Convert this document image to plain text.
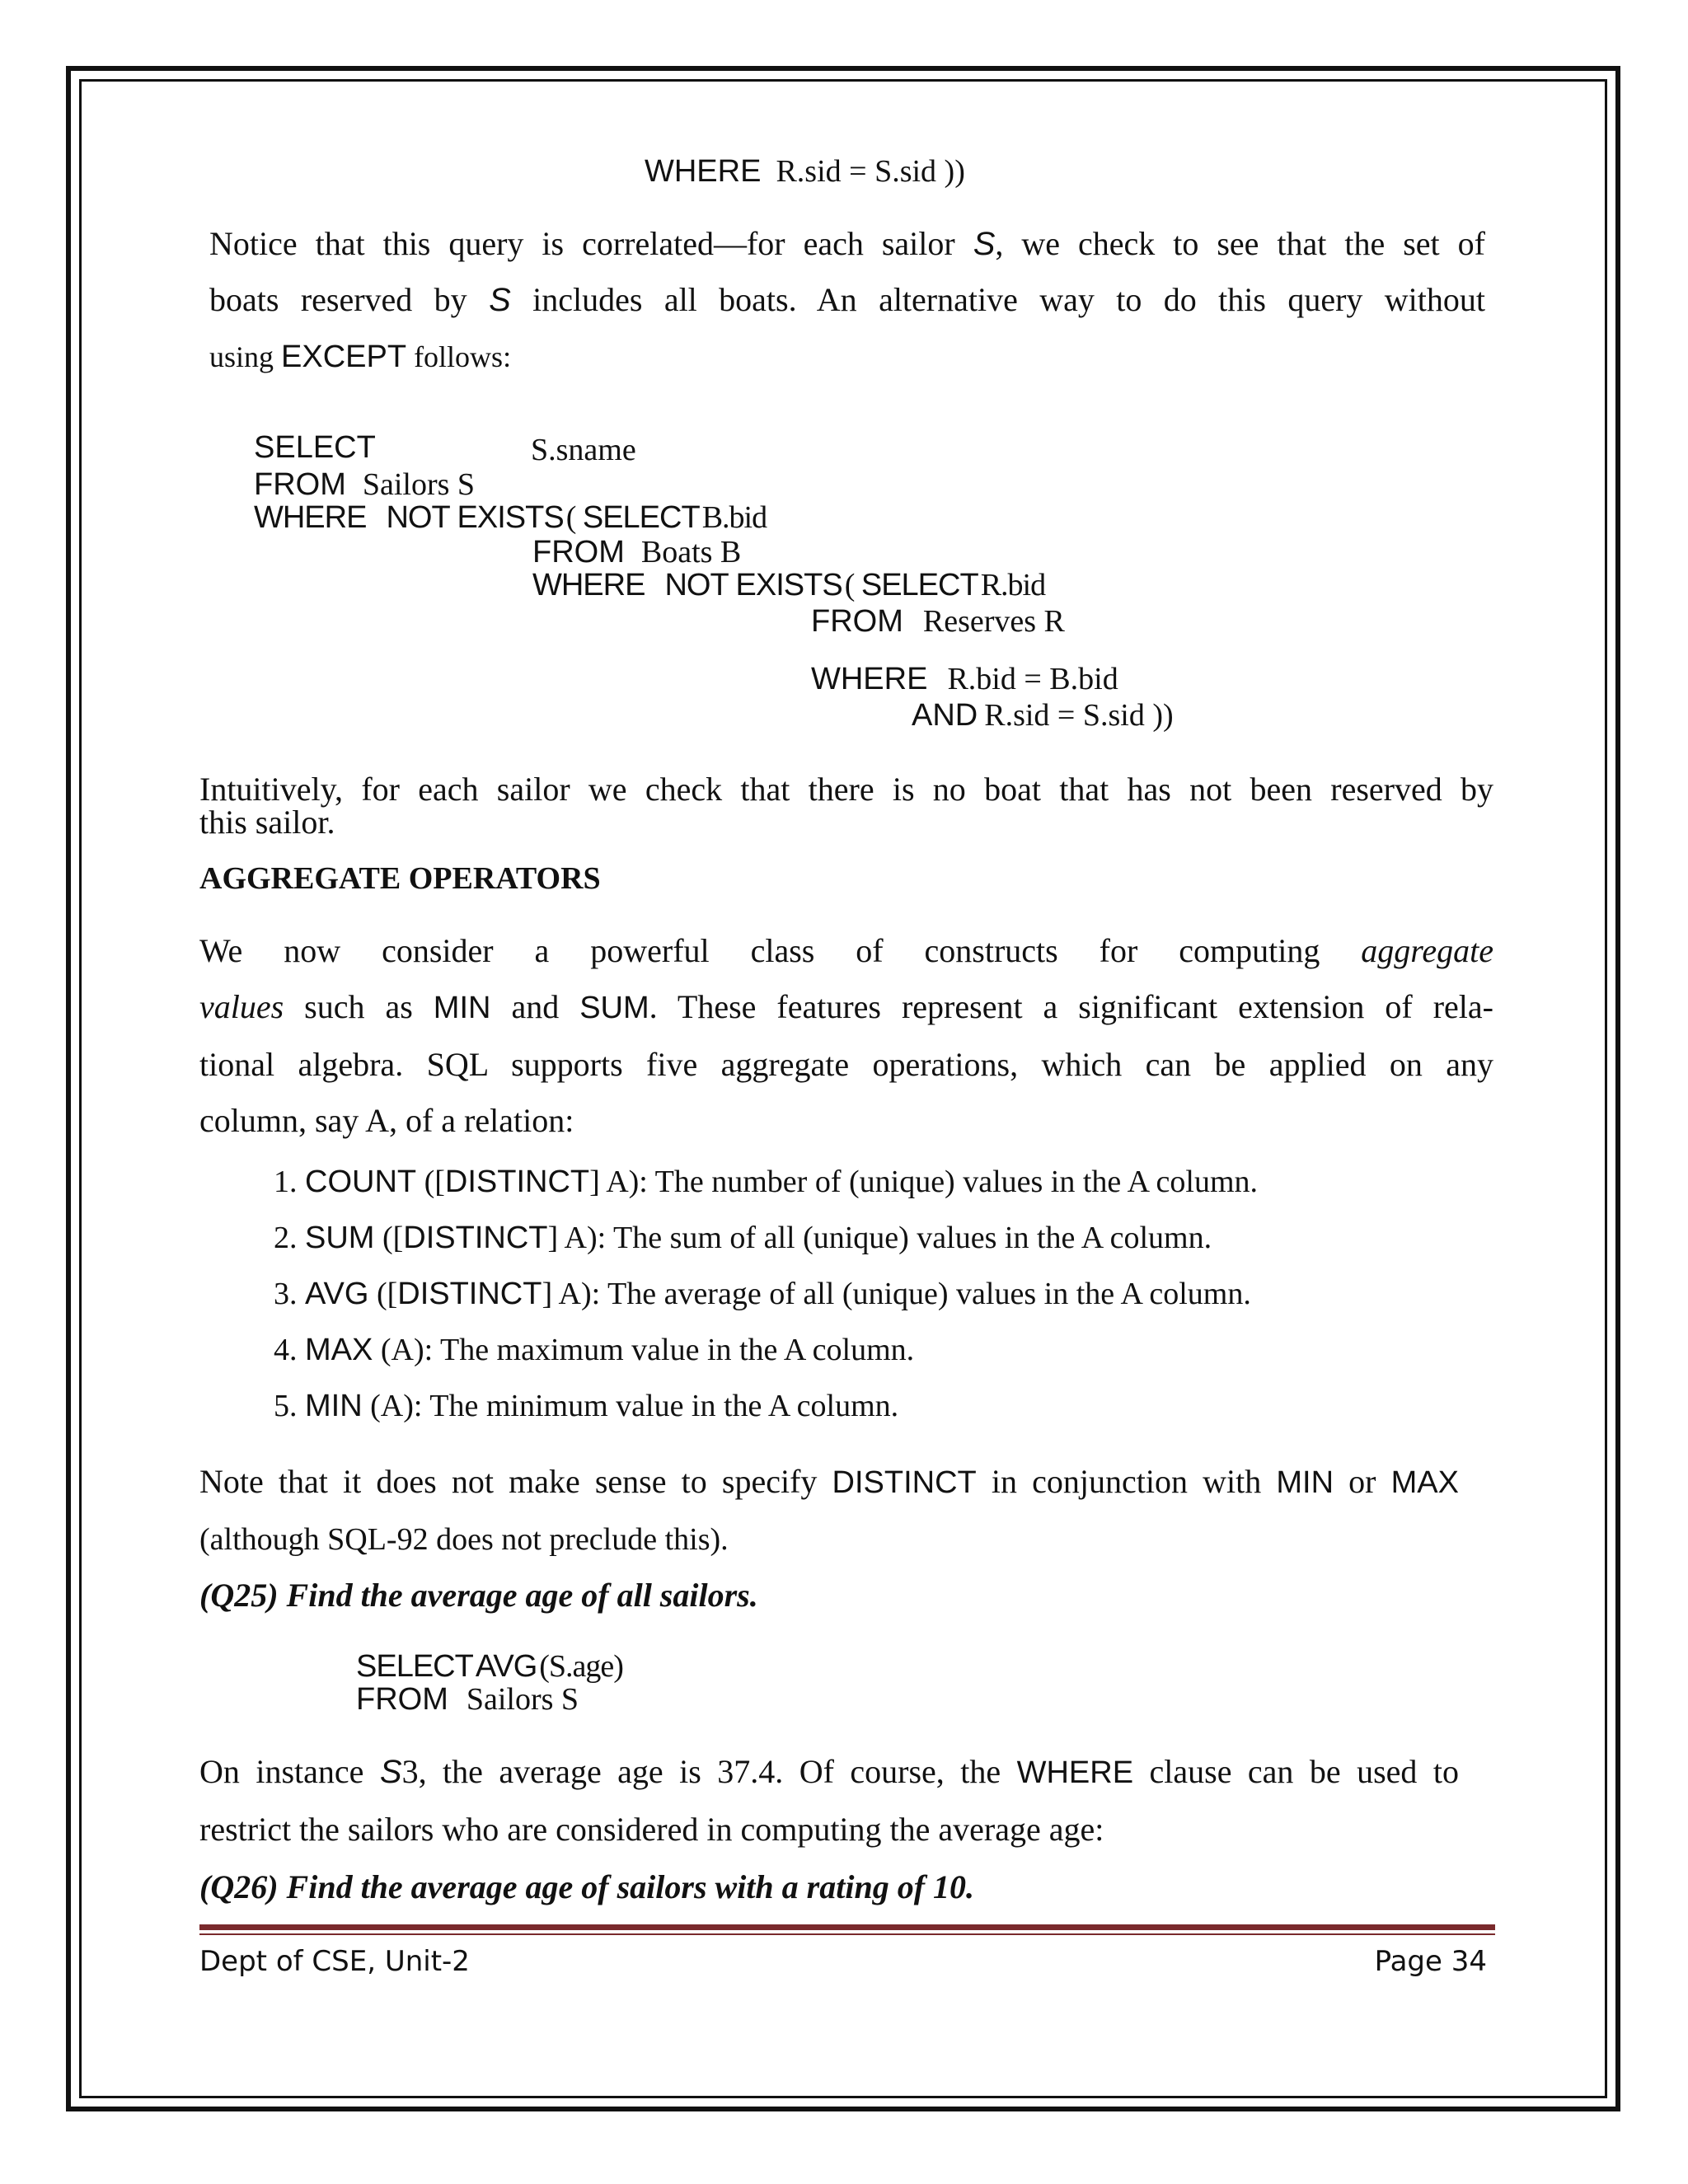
WHERE R.sid = S.sid ))
Notice that this query is correlated—for each sailor S, we check to see that the set of
boats reserved by S includes all boats. An alternative way to do this query without
using EXCEPT follows:
SELECT	S.sname
FROM Sailors S
WHERE NOT EXISTS ( SELECT B.bid
FROM Boats B
WHERE NOT EXISTS ( SELECT R.bid
FROM Reserves R
WHERE R.bid = B.bid
AND R.sid = S.sid ))
Intuitively, for each sailor we check that there is no boat that has not been reserved by
this sailor.
AGGREGATE OPERATORS
We now consider a powerful class of constructs for computing aggregate
values such as MIN and SUM. These features represent a significant extension of rela-
tional algebra. SQL supports five aggregate operations, which can be applied on any
column, say A, of a relation:
1. COUNT ([DISTINCT] A): The number of (unique) values in the A column.
2. SUM ([DISTINCT] A): The sum of all (unique) values in the A column.
3. AVG ([DISTINCT] A): The average of all (unique) values in the A column.
4. MAX (A): The maximum value in the A column.
5. MIN (A): The minimum value in the A column.
Note that it does not make sense to specify DISTINCT in conjunction with MIN or MAX
(although SQL-92 does not preclude this).
(Q25) Find the average age of all sailors.
SELECT AVG (S.age)
FROM Sailors S
On instance S3, the average age is 37.4. Of course, the WHERE clause can be used to
restrict the sailors who are considered in computing the average age:
(Q26) Find the average age of sailors with a rating of 10.
Dept of CSE, Unit-2	Page 34
